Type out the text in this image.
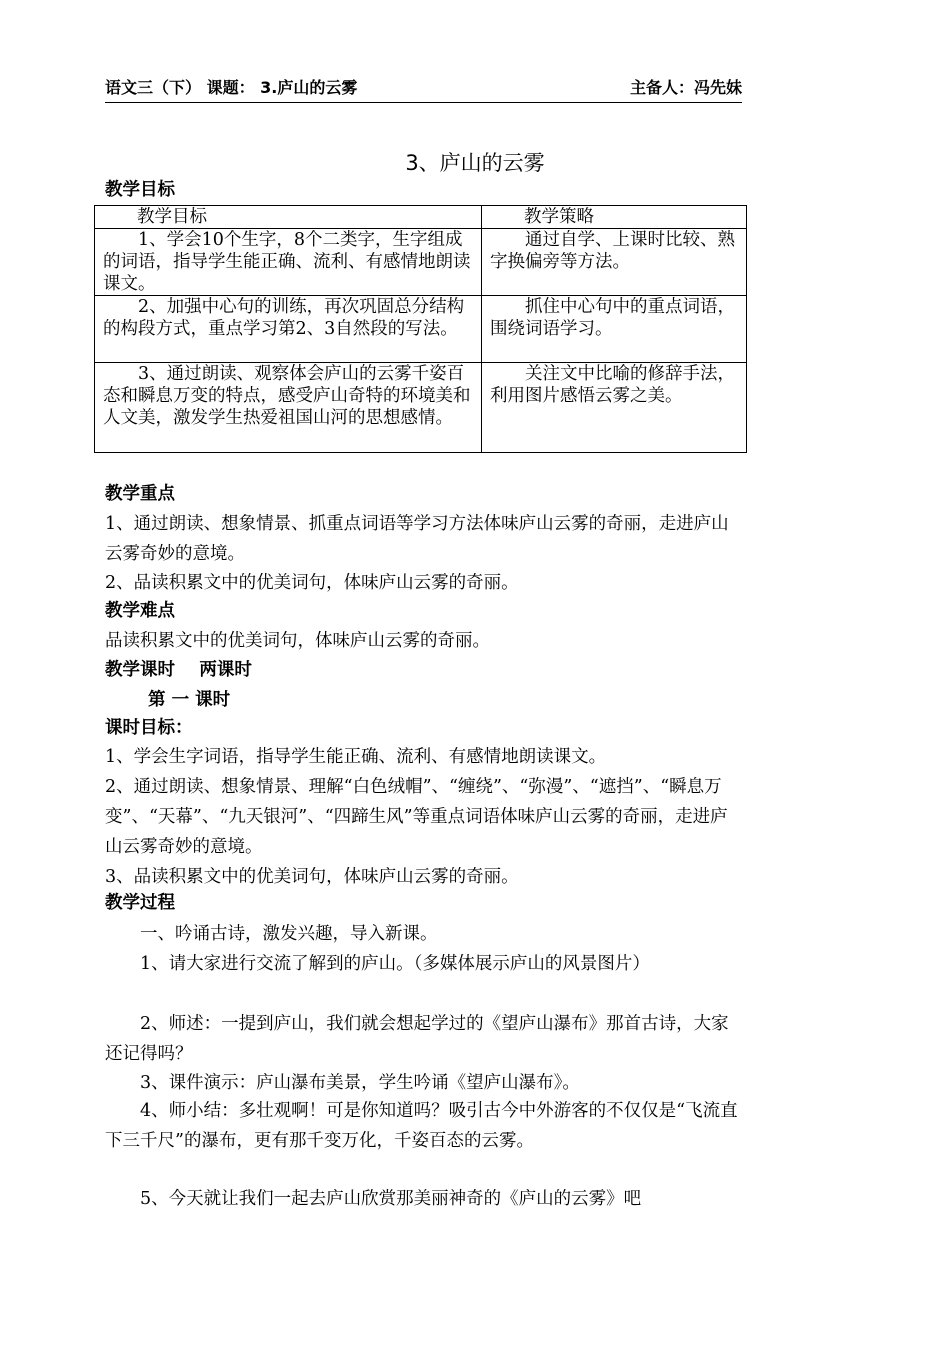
语文三（下） 课题： 3.庐山的云雾	主备人：冯先妹
3、庐山的云雾
教学目标
教学目标	教学策略
1、学会10个生字，8个二类字，生字组成的词语，指导学生能正确、流利、有感情地朗读课文。	通过自学、上课时比较、熟字换偏旁等方法。
2、加强中心句的训练，再次巩固总分结构的构段方式，重点学习第2、3自然段的写法。	抓住中心句中的重点词语，围绕词语学习。
3、通过朗读、观察体会庐山的云雾千姿百态和瞬息万变的特点，感受庐山奇特的环境美和人文美，激发学生热爱祖国山河的思想感情。	关注文中比喻的修辞手法，利用图片感悟云雾之美。
教学重点
1、通过朗读、想象情景、抓重点词语等学习方法体味庐山云雾的奇丽，走进庐山云雾奇妙的意境。
2、品读积累文中的优美词句，体味庐山云雾的奇丽。
教学难点
品读积累文中的优美词句，体味庐山云雾的奇丽。
教学课时    两课时
第 一 课时
课时目标：
1、学会生字词语，指导学生能正确、流利、有感情地朗读课文。
2、通过朗读、想象情景、理解“白色绒帽”、“缠绕”、“弥漫”、“遮挡”、“瞬息万变”、“天幕”、“九天银河”、“四蹄生风”等重点词语体味庐山云雾的奇丽，走进庐山云雾奇妙的意境。
3、品读积累文中的优美词句，体味庐山云雾的奇丽。
教学过程
一、吟诵古诗，激发兴趣，导入新课。
1、请大家进行交流了解到的庐山。（多媒体展示庐山的风景图片）
2、师述：一提到庐山，我们就会想起学过的《望庐山瀑布》那首古诗，大家还记得吗？
3、课件演示：庐山瀑布美景，学生吟诵《望庐山瀑布》。
4、师小结：多壮观啊！可是你知道吗？吸引古今中外游客的不仅仅是“飞流直下三千尺”的瀑布，更有那千变万化，千姿百态的云雾。
5、今天就让我们一起去庐山欣赏那美丽神奇的《庐山的云雾》吧
